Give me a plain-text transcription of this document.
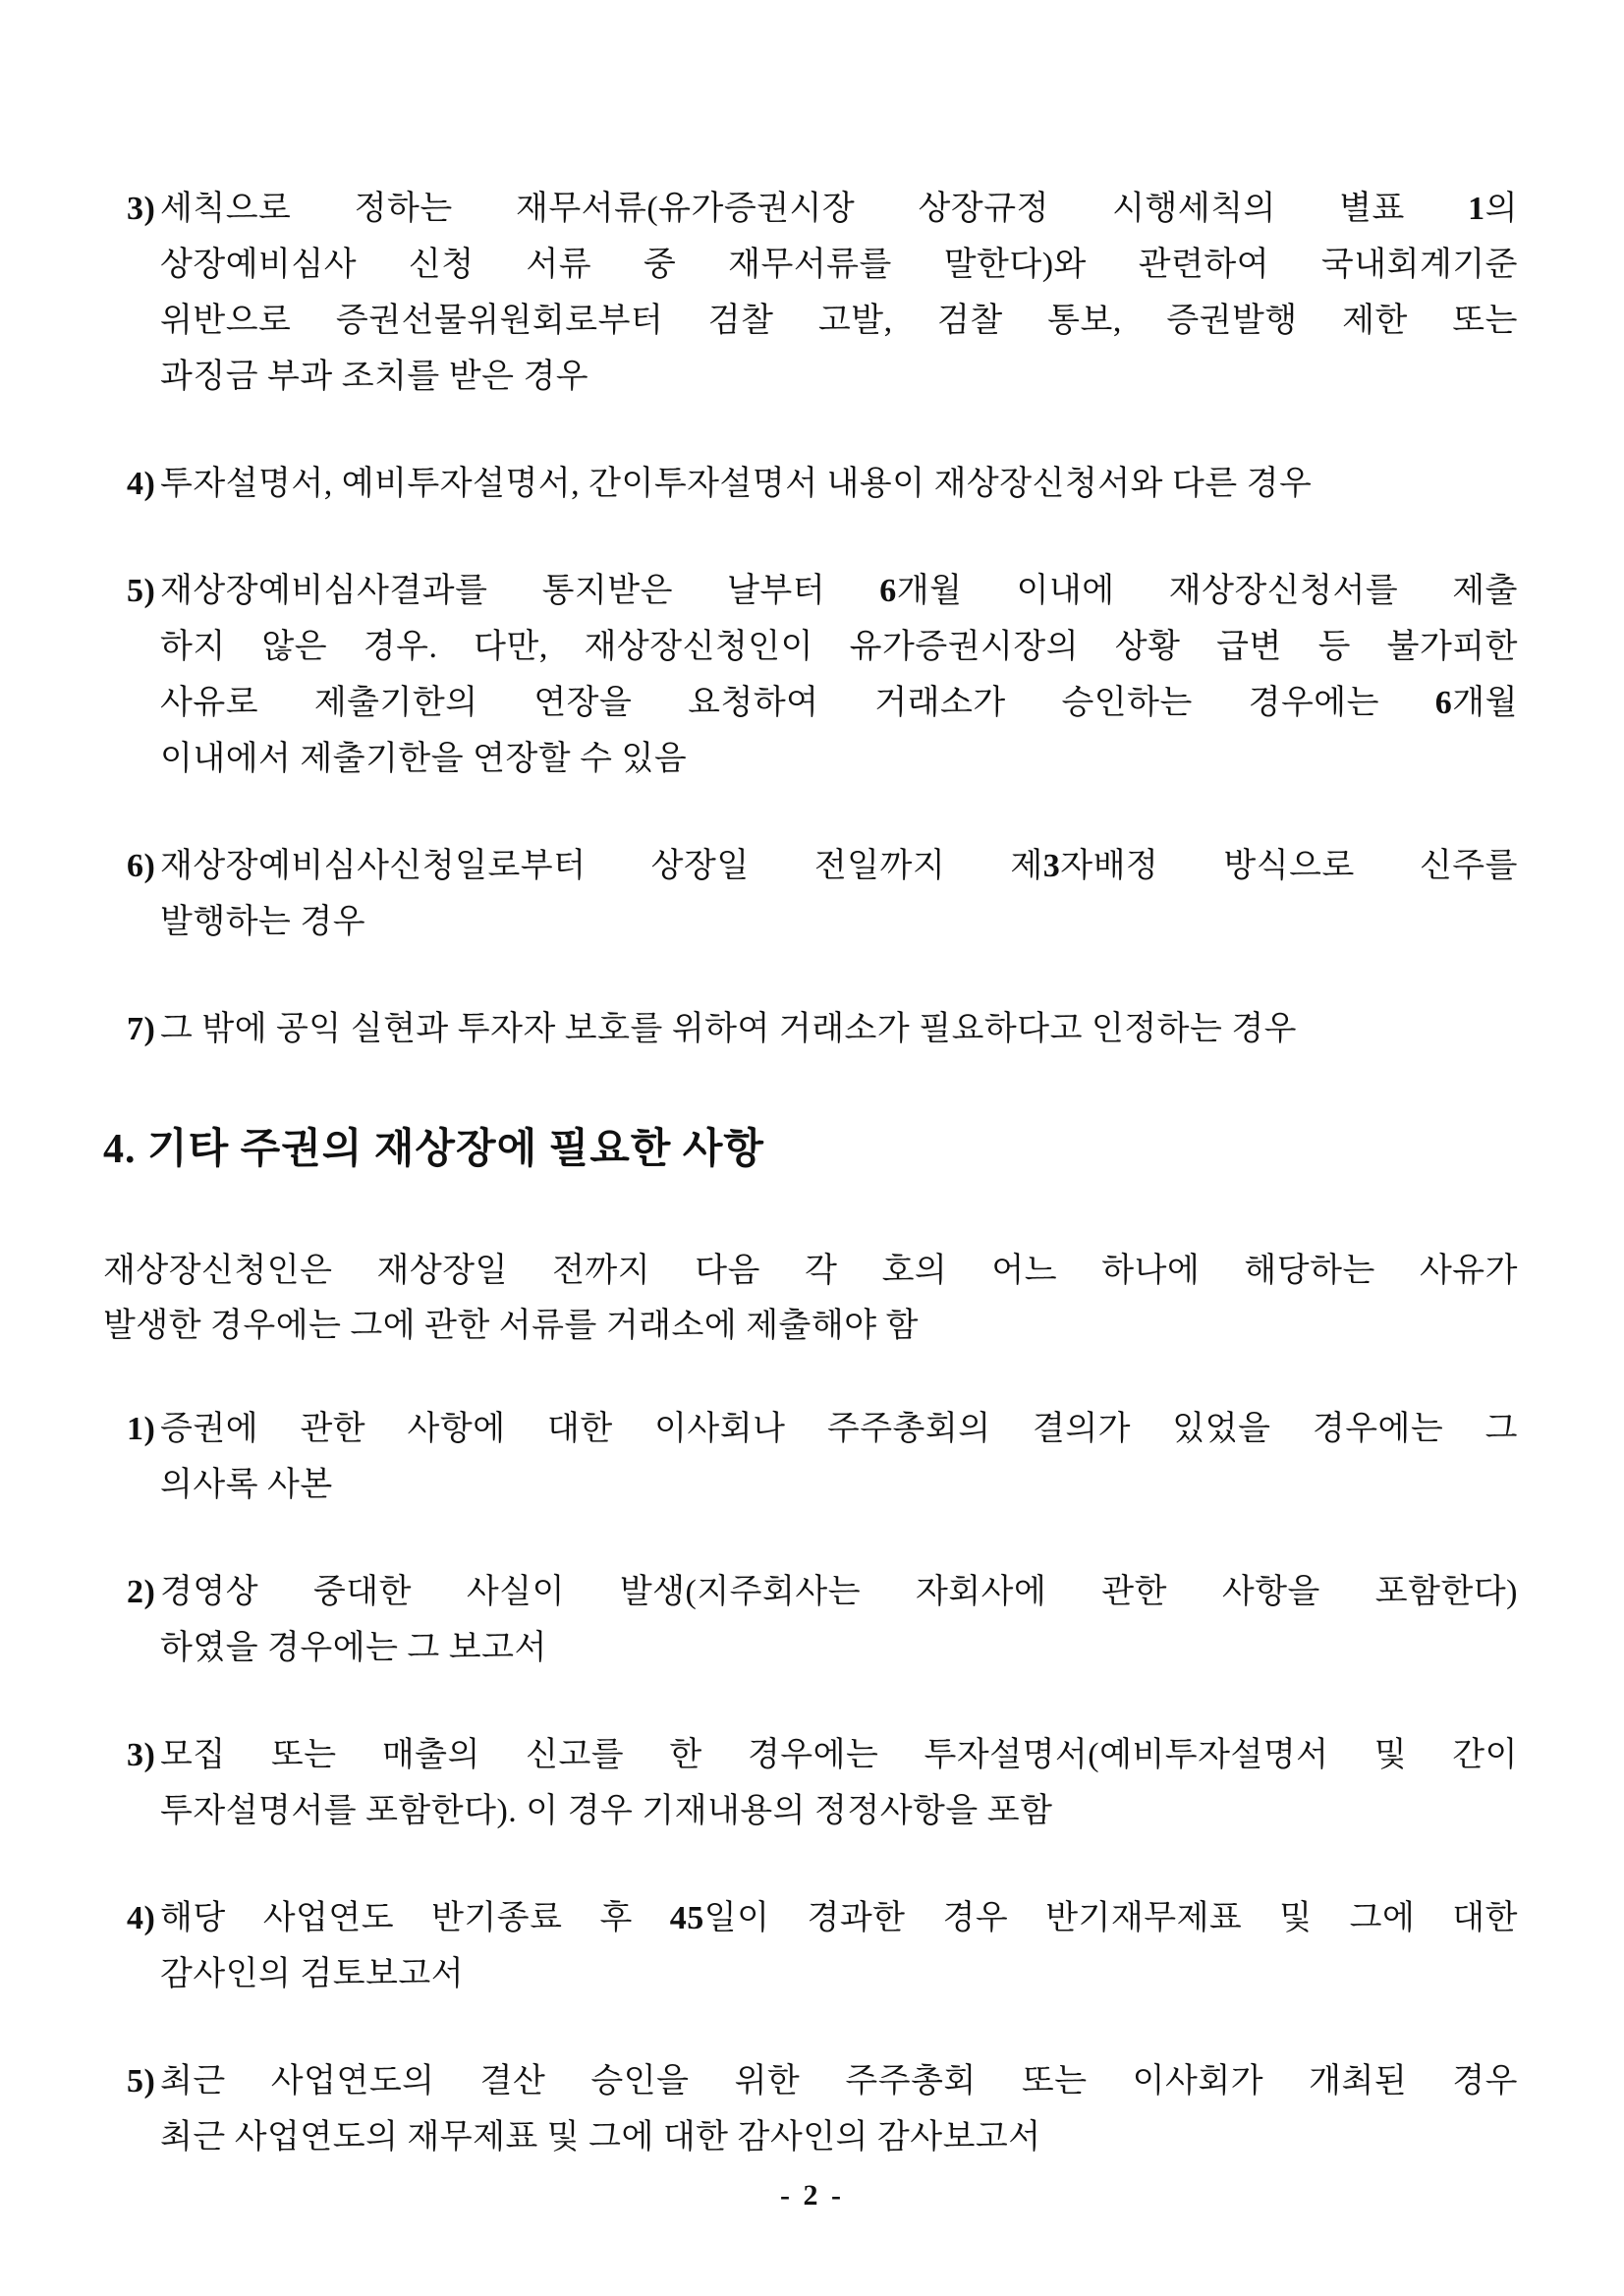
3) 세칙으로 정하는 재무서류(유가증권시장 상장규정 시행세칙의 별표 1의
상장예비심사 신청 서류 중 재무서류를 말한다)와 관련하여 국내회계기준
위반으로 증권선물위원회로부터 검찰 고발, 검찰 통보, 증권발행 제한 또는
과징금 부과 조치를 받은 경우
4) 투자설명서, 예비투자설명서, 간이투자설명서 내용이 재상장신청서와 다른 경우
5) 재상장예비심사결과를 통지받은 날부터 6개월 이내에 재상장신청서를 제출
하지 않은 경우. 다만, 재상장신청인이 유가증권시장의 상황 급변 등 불가피한
사유로 제출기한의 연장을 요청하여 거래소가 승인하는 경우에는 6개월
이내에서 제출기한을 연장할 수 있음
6) 재상장예비심사신청일로부터 상장일 전일까지 제3자배정 방식으로 신주를
발행하는 경우
7) 그 밖에 공익 실현과 투자자 보호를 위하여 거래소가 필요하다고 인정하는 경우
4. 기타 주권의 재상장에 필요한 사항
재상장신청인은 재상장일 전까지 다음 각 호의 어느 하나에 해당하는 사유가
발생한 경우에는 그에 관한 서류를 거래소에 제출해야 함
1) 증권에 관한 사항에 대한 이사회나 주주총회의 결의가 있었을 경우에는 그
의사록 사본
2) 경영상 중대한 사실이 발생(지주회사는 자회사에 관한 사항을 포함한다)
하였을 경우에는 그 보고서
3) 모집 또는 매출의 신고를 한 경우에는 투자설명서(예비투자설명서 및 간이
투자설명서를 포함한다). 이 경우 기재내용의 정정사항을 포함
4) 해당 사업연도 반기종료 후 45일이 경과한 경우 반기재무제표 및 그에 대한
감사인의 검토보고서
5) 최근 사업연도의 결산 승인을 위한 주주총회 또는 이사회가 개최된 경우
최근 사업연도의 재무제표 및 그에 대한 감사인의 감사보고서
- 2 -
